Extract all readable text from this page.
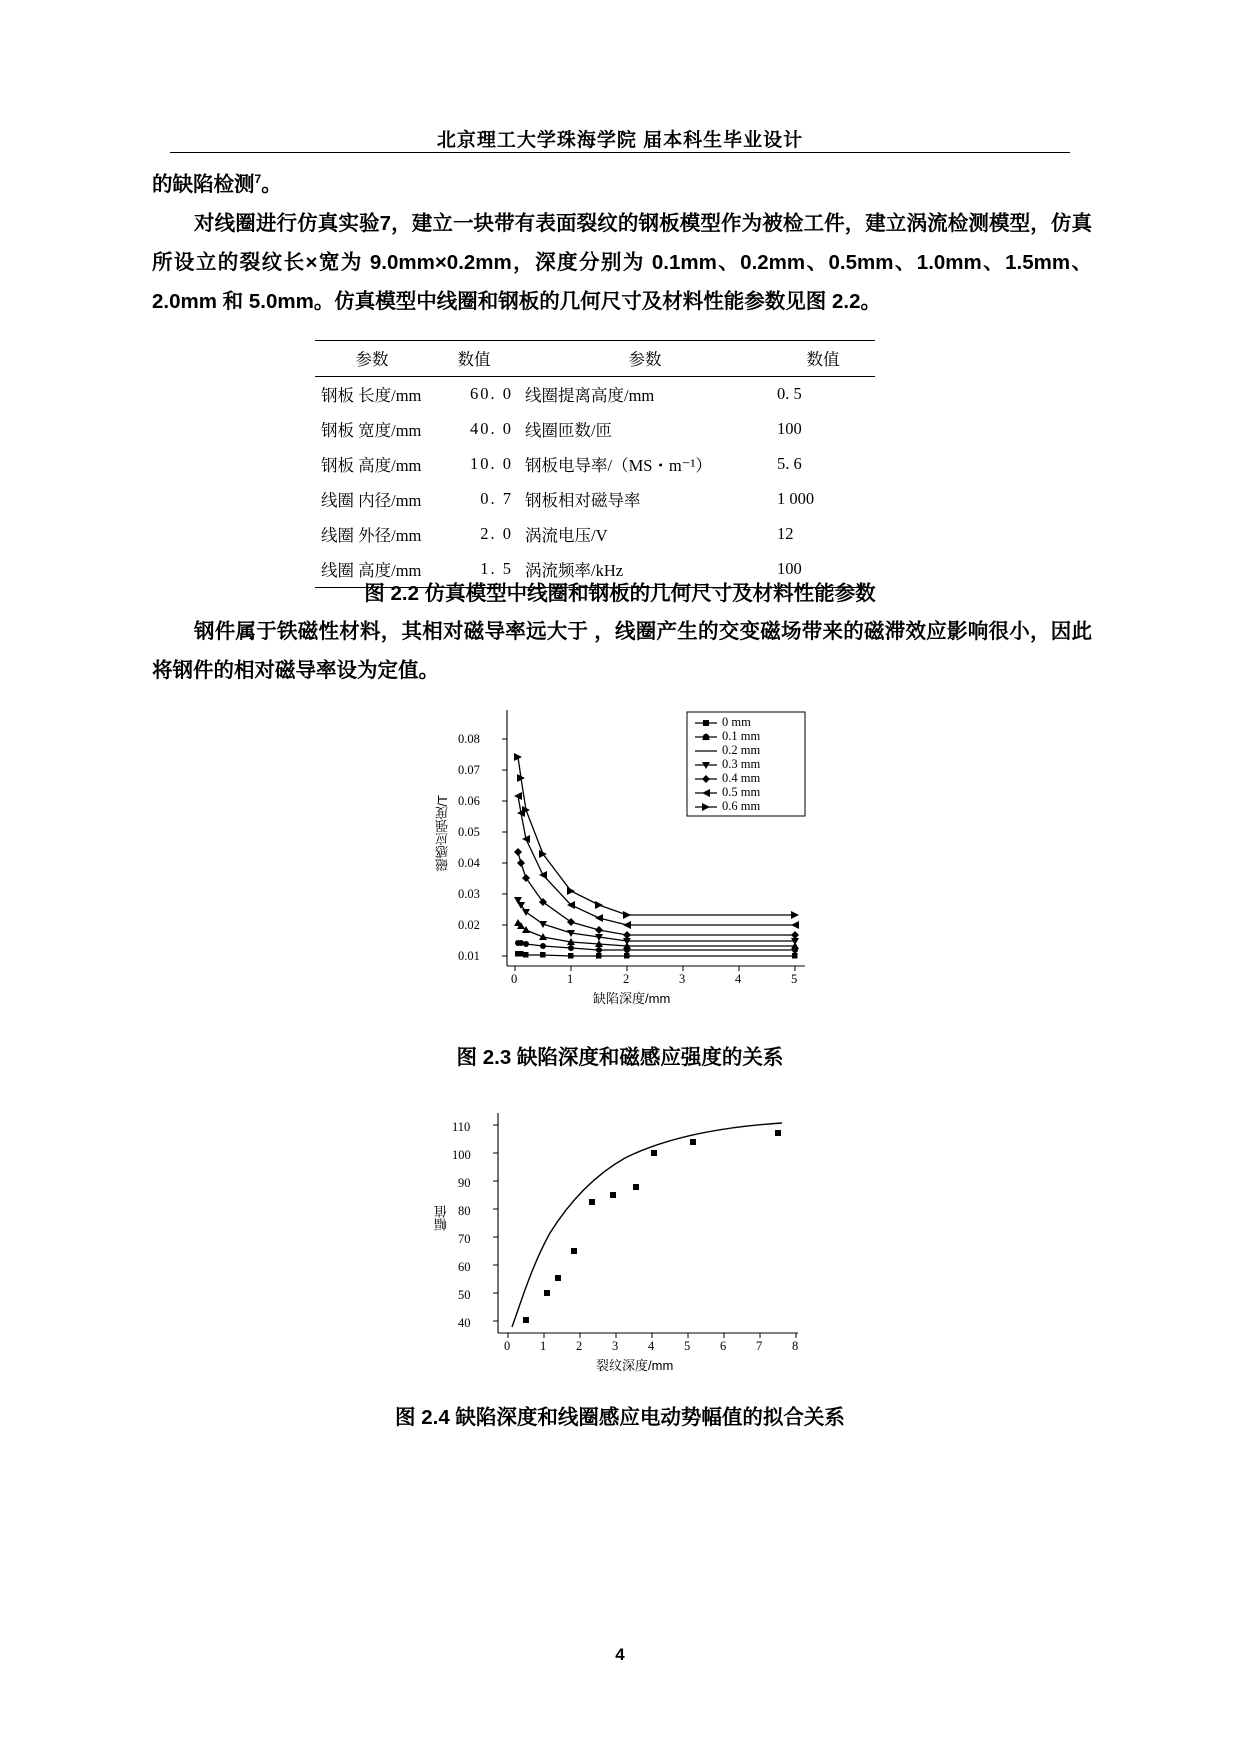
北京理工大学珠海学院 届本科生毕业设计

的缺陷检测$^7$。

对线圈进行仿真实验7，建立一块带有表面裂纹的钢板模型作为被检工件，建立涡流检测模型，仿真所设立的裂纹长×宽为 9.0mm×0.2mm，深度分别为 0.1mm、0.2mm、0.5mm、1.0mm、1.5mm、2.0mm 和 5.0mm。仿真模型中线圈和钢板的几何尺寸及材料性能参数见图 2.2。

参数	数值	参数	数值
钢板 长度/mm	60. 0	线圈提离高度/mm	0. 5
钢板 宽度/mm	40. 0	线圈匝数/匝	100
钢板 高度/mm	10. 0	钢板电导率/（MS・m⁻¹）	5. 6
线圈 内径/mm	0. 7	钢板相对磁导率	1 000
线圈 外径/mm	2. 0	涡流电压/V	12
线圈 高度/mm	1. 5	涡流频率/kHz	100
图 2.2 仿真模型中线圈和钢板的几何尺寸及材料性能参数

钢件属于铁磁性材料，其相对磁导率远大于 ，线圈产生的交变磁场带来的磁滞效应影响很小，因此将钢件的相对磁导率设为定值。

0.01
0.02
0.03
0.04
0.05
0.06
0.07
0.08
0	1	2	3	4	5
磁感应强度/T
缺陷深度/mm
0 mm
0.1 mm
0.2 mm
0.3 mm
0.4 mm
0.5 mm
0.6 mm
图 2.3 缺陷深度和磁感应强度的关系
40
50
60
70
80
90
100
110
0 1 2 3 4 5 6 7 8
幅值
裂纹深度/mm
图 2.4 缺陷深度和线圈感应电动势幅值的拟合关系
4
